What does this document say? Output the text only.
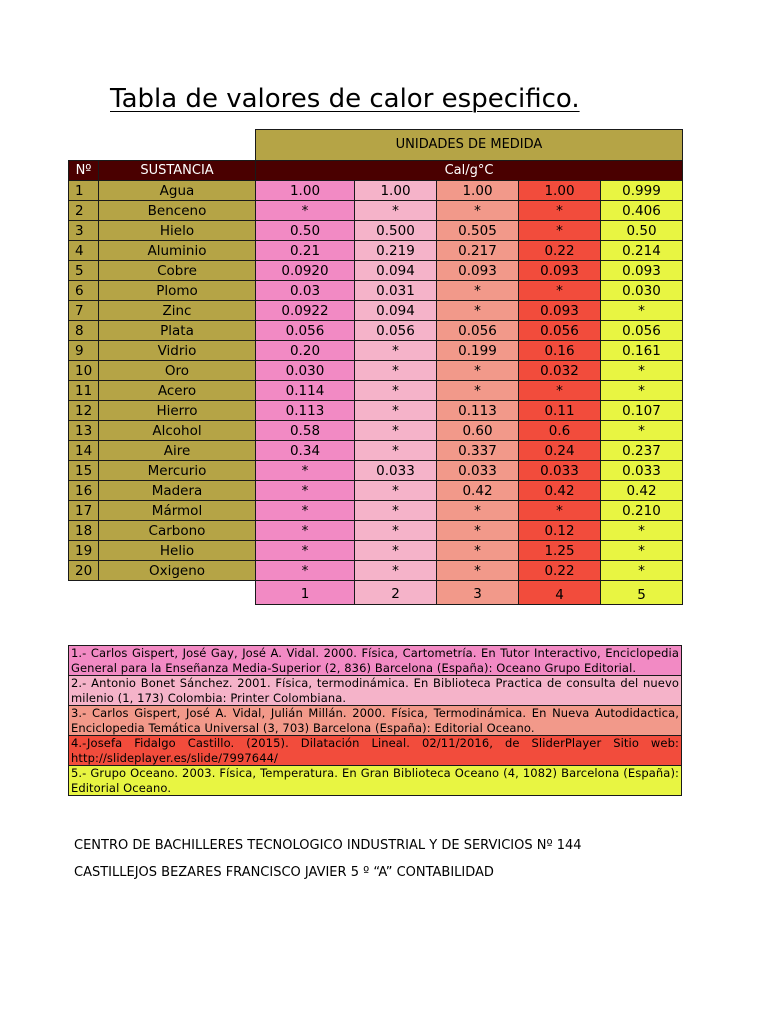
Tabla de valores de calor especifico.
		UNIDADES DE MEDIDA				
Nº	SUSTANCIA	Cal/g°C				
1	Agua	1.00	1.00	1.00	1.00	0.999
2	Benceno	*	*	*	*	0.406
3	Hielo	0.50	0.500	0.505	*	0.50
4	Aluminio	0.21	0.219	0.217	0.22	0.214
5	Cobre	0.0920	0.094	0.093	0.093	0.093
6	Plomo	0.03	0.031	*	*	0.030
7	Zinc	0.0922	0.094	*	0.093	*
8	Plata	0.056	0.056	0.056	0.056	0.056
9	Vidrio	0.20	*	0.199	0.16	0.161
10	Oro	0.030	*	*	0.032	*
11	Acero	0.114	*	*	*	*
12	Hierro	0.113	*	0.113	0.11	0.107
13	Alcohol	0.58	*	0.60	0.6	*
14	Aire	0.34	*	0.337	0.24	0.237
15	Mercurio	*	0.033	0.033	0.033	0.033
16	Madera	*	*	0.42	0.42	0.42
17	Mármol	*	*	*	*	0.210
18	Carbono	*	*	*	0.12	*
19	Helio	*	*	*	1.25	*
20	Oxigeno	*	*	*	0.22	*
		1	2	3	4	5
1.- Carlos Gispert, José Gay, José A. Vidal. 2000. Física, Cartometría. En Tutor Interactivo, Enciclopedia General para la Enseñanza Media-Superior (2, 836) Barcelona (España): Oceano Grupo Editorial.
2.- Antonio Bonet Sánchez. 2001. Física, termodinámica. En Biblioteca Practica de consulta del nuevo milenio (1, 173) Colombia: Printer Colombiana.
3.- Carlos Gispert, José A. Vidal, Julián Millán. 2000. Física, Termodinámica. En Nueva Autodidactica, Enciclopedia Temática Universal (3, 703) Barcelona (España): Editorial Oceano.
4.-Josefa Fidalgo Castillo. (2015). Dilatación Lineal. 02/11/2016, de SliderPlayer Sitio web: http://slideplayer.es/slide/7997644/
5.- Grupo Oceano. 2003. Física, Temperatura. En Gran Biblioteca Oceano (4, 1082) Barcelona (España): Editorial Oceano.
CENTRO DE BACHILLERES TECNOLOGICO INDUSTRIAL Y DE SERVICIOS Nº 144
CASTILLEJOS BEZARES FRANCISCO JAVIER 5 º “A” CONTABILIDAD
